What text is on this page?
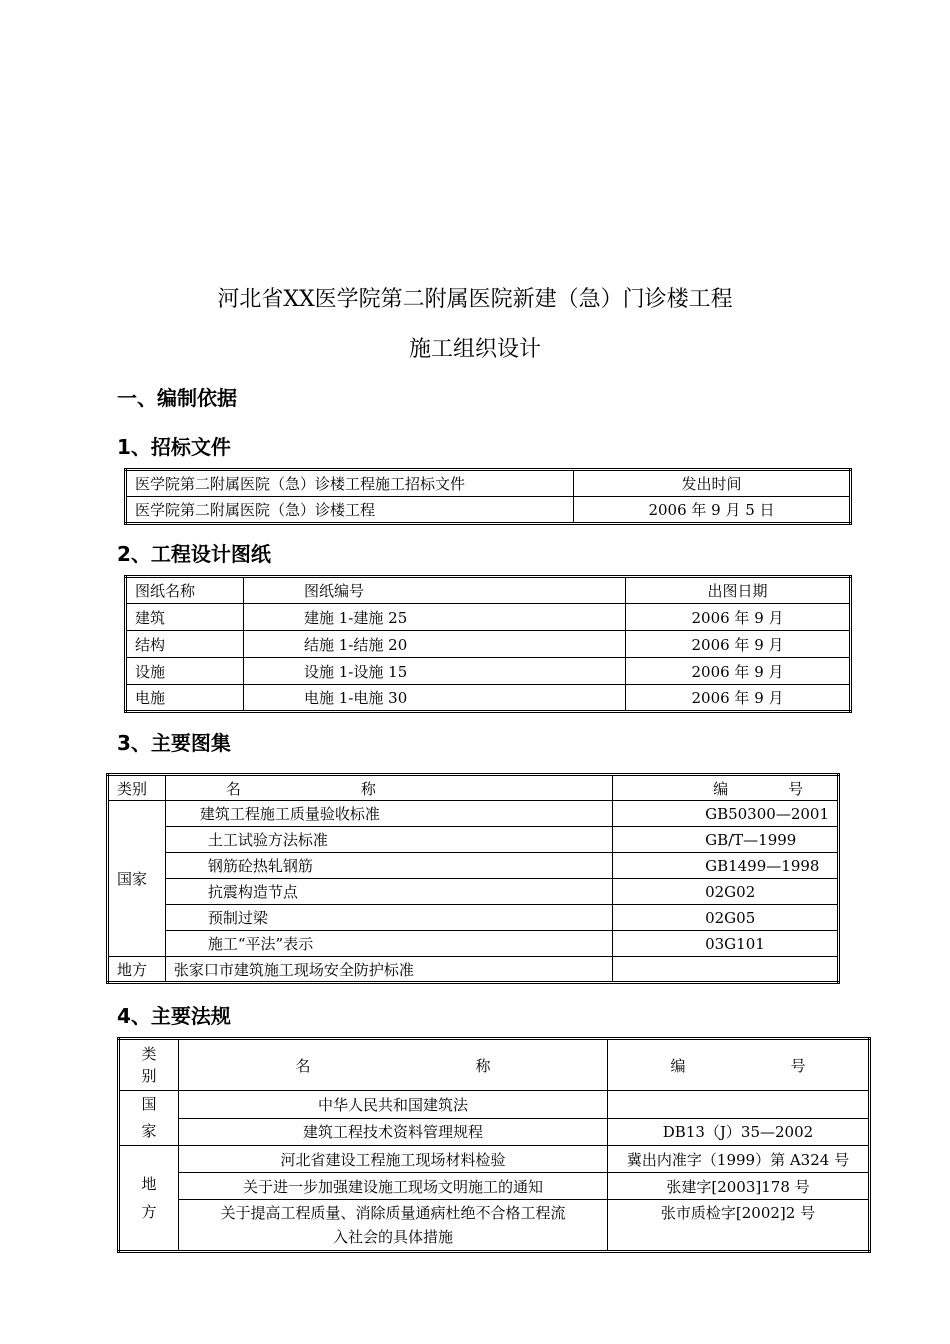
河北省XX医学院第二附属医院新建（急）门诊楼工程
施工组织设计
一、编制依据
1、招标文件
医学院第二附属医院（急）诊楼工程施工招标文件	发出时间
医学院第二附属医院（急）诊楼工程	2006 年 9 月 5 日
2、工程设计图纸
图纸名称	图纸编号	出图日期
建筑	建施 1-建施 25	2006 年 9 月
结构	结施 1-结施 20	2006 年 9 月
设施	设施 1-设施 15	2006 年 9 月
电施	电施 1-电施 30	2006 年 9 月
3、主要图集
类别	名　　　　　　　　称	编　　　　号
国家	建筑工程施工质量验收标准	GB50300—2001
	土工试验方法标准	GB/T—1999
	钢筋砼热轧钢筋	GB1499—1998
	抗震构造节点	02G02
	预制过梁	02G05
	施工“平法”表示	03G101
地方	张家口市建筑施工现场安全防护标准	
4、主要法规
类
别	名　　　　　　　　　　　称	编　　　　　　　号
国
家	中华人民共和国建筑法	
	建筑工程技术资料管理规程	DB13（J）35—2002
地
方	河北省建设工程施工现场材料检验	冀出内准字（1999）第 A324 号
	关于进一步加强建设施工现场文明施工的通知	张建字[2003]178 号
	关于提高工程质量、消除质量通病杜绝不合格工程流入社会的具体措施	张市质检字[2002]2 号
